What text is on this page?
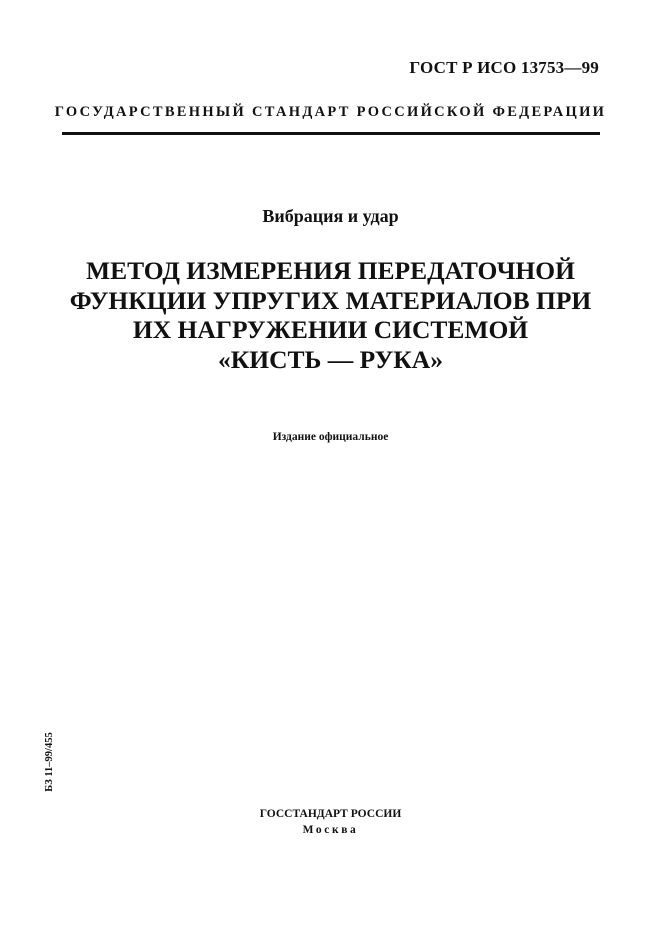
ГОСТ Р ИСО 13753—99
ГОСУДАРСТВЕННЫЙ СТАНДАРТ РОССИЙСКОЙ ФЕДЕРАЦИИ
Вибрация и удар
МЕТОД ИЗМЕРЕНИЯ ПЕРЕДАТОЧНОЙ
ФУНКЦИИ УПРУГИХ МАТЕРИАЛОВ ПРИ
ИХ НАГРУЖЕНИИ СИСТЕМОЙ
«КИСТЬ — РУКА»
Издание официальное
БЗ 11–99/455
ГОССТАНДАРТ РОССИИ
Москва
